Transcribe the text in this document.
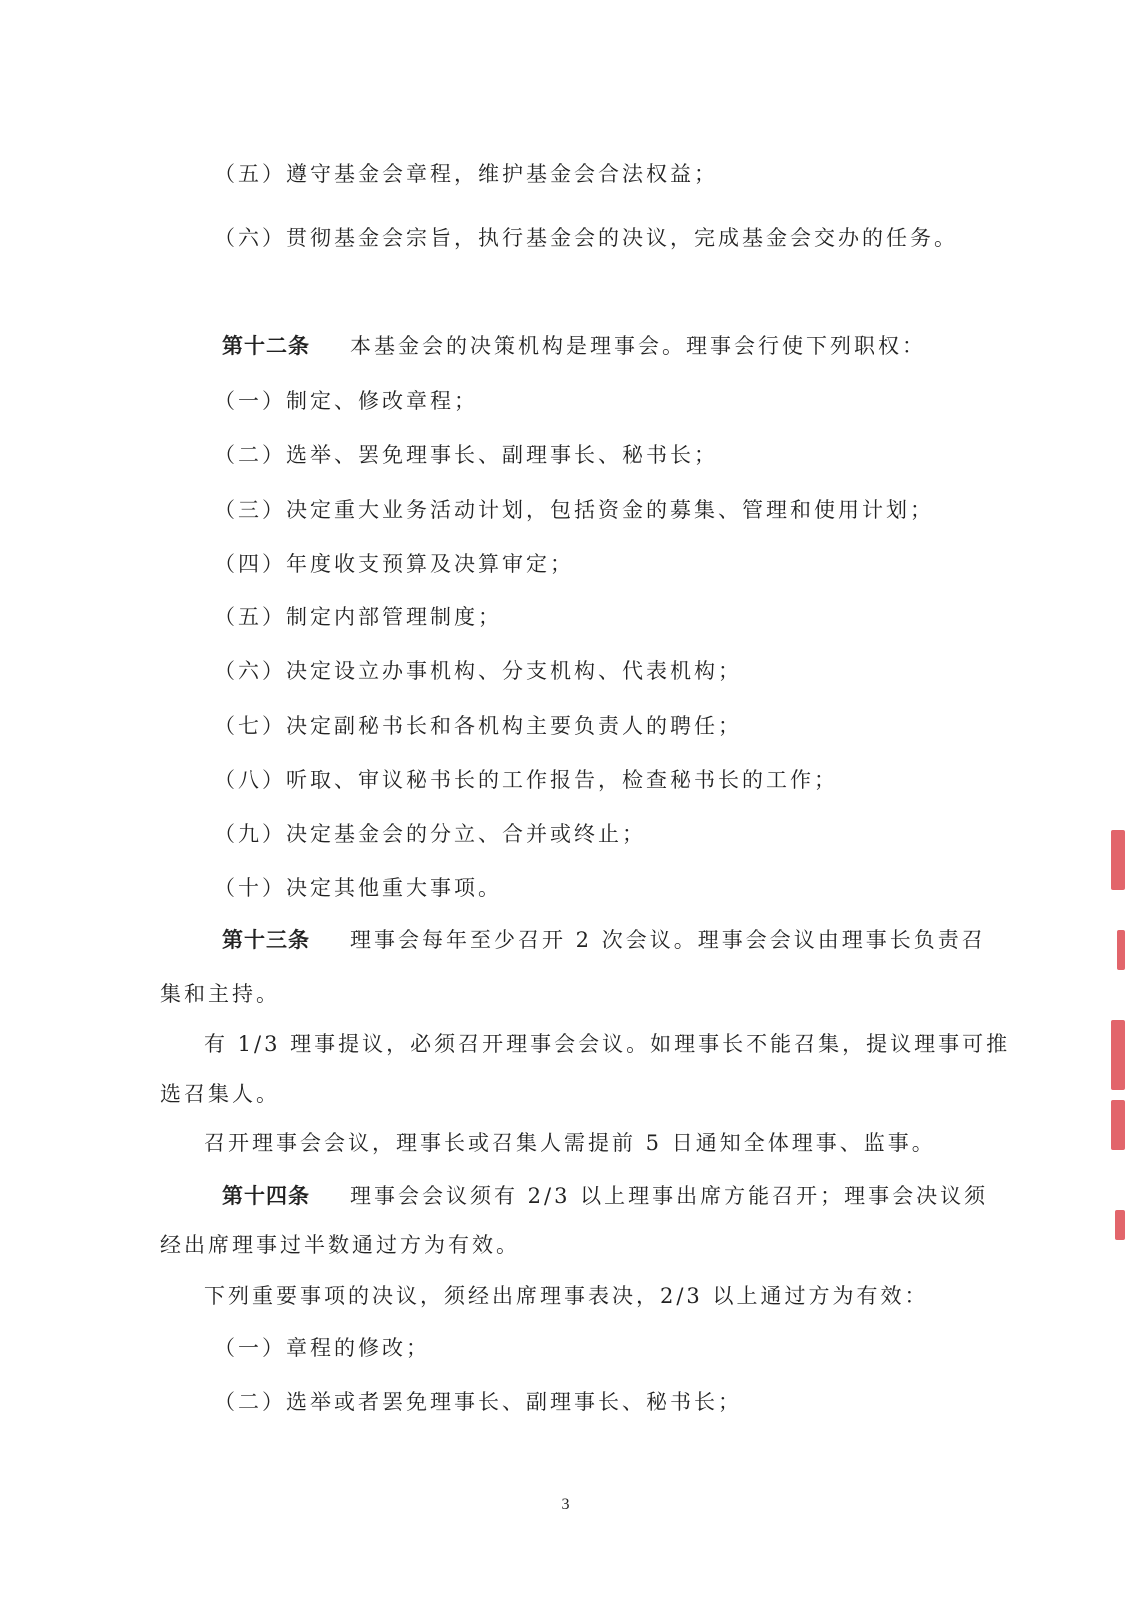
（五）遵守基金会章程，维护基金会合法权益；
（六）贯彻基金会宗旨，执行基金会的决议，完成基金会交办的任务。
第十二条 本基金会的决策机构是理事会。理事会行使下列职权：
（一）制定、修改章程；
（二）选举、罢免理事长、副理事长、秘书长；
（三）决定重大业务活动计划，包括资金的募集、管理和使用计划；
（四）年度收支预算及决算审定；
（五）制定内部管理制度；
（六）决定设立办事机构、分支机构、代表机构；
（七）决定副秘书长和各机构主要负责人的聘任；
（八）听取、审议秘书长的工作报告，检查秘书长的工作；
（九）决定基金会的分立、合并或终止；
（十）决定其他重大事项。
第十三条 理事会每年至少召开 2 次会议。理事会会议由理事长负责召
集和主持。
有 1/3 理事提议，必须召开理事会会议。如理事长不能召集，提议理事可推
选召集人。
召开理事会会议，理事长或召集人需提前 5 日通知全体理事、监事。
第十四条 理事会会议须有 2/3 以上理事出席方能召开；理事会决议须
经出席理事过半数通过方为有效。
下列重要事项的决议，须经出席理事表决，2/3 以上通过方为有效：
（一）章程的修改；
（二）选举或者罢免理事长、副理事长、秘书长；
3
